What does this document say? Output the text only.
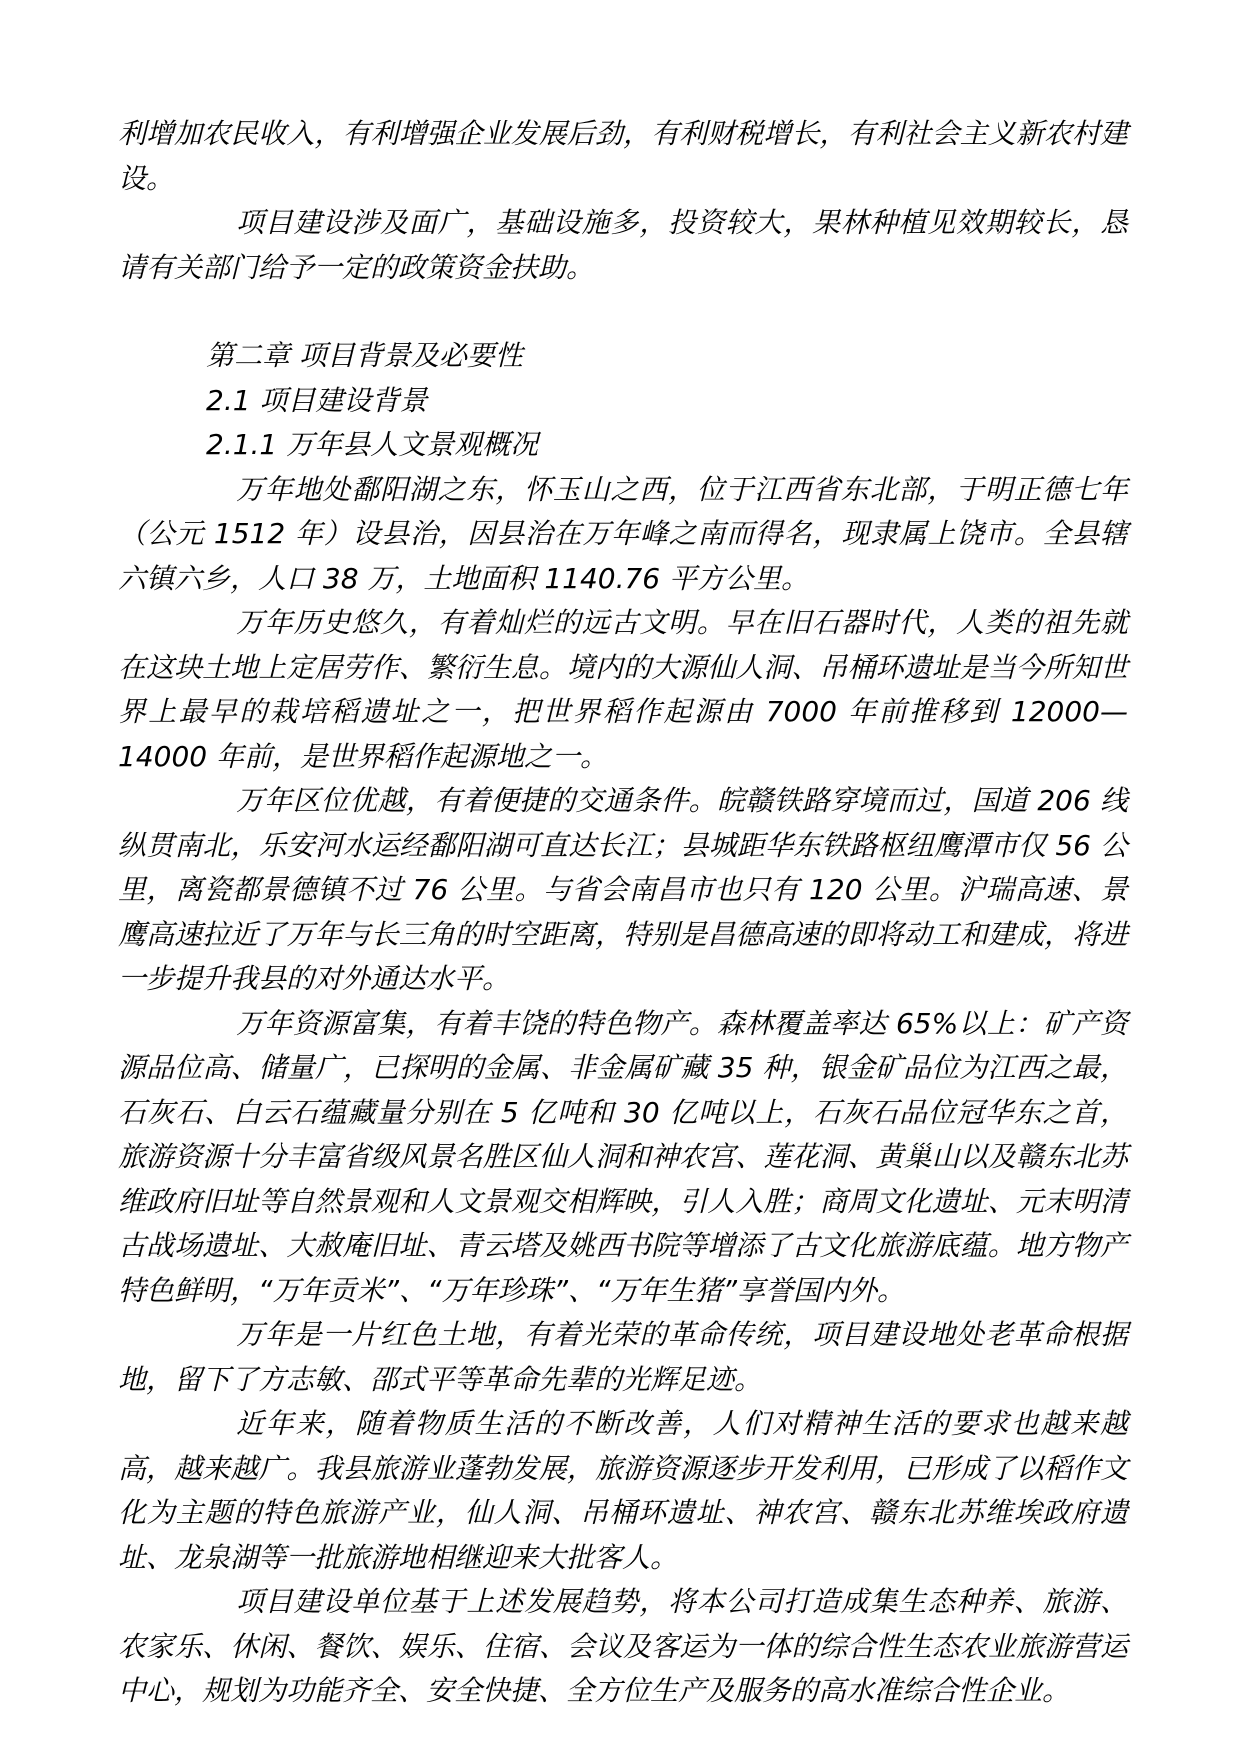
利增加农民收入，有利增强企业发展后劲，有利财税增长，有利社会主义新农村建设。

项目建设涉及面广，基础设施多，投资较大，果林种植见效期较长，恳请有关部门给予一定的政策资金扶助。

第二章 项目背景及必要性

2.1 项目建设背景

2.1.1 万年县人文景观概况

万年地处鄱阳湖之东，怀玉山之西，位于江西省东北部，于明正德七年（公元 1512 年）设县治，因县治在万年峰之南而得名，现隶属上饶市。全县辖六镇六乡，人口 38 万，土地面积 1140.76 平方公里。

万年历史悠久，有着灿烂的远古文明。早在旧石器时代，人类的祖先就在这块土地上定居劳作、繁衍生息。境内的大源仙人洞、吊桶环遗址是当今所知世界上最早的栽培稻遗址之一，把世界稻作起源由 7000 年前推移到 12000—14000 年前，是世界稻作起源地之一。

万年区位优越，有着便捷的交通条件。皖赣铁路穿境而过，国道 206 线纵贯南北，乐安河水运经鄱阳湖可直达长江；县城距华东铁路枢纽鹰潭市仅 56 公里，离瓷都景德镇不过 76 公里。与省会南昌市也只有 120 公里。沪瑞高速、景鹰高速拉近了万年与长三角的时空距离，特别是昌德高速的即将动工和建成，将进一步提升我县的对外通达水平。

万年资源富集，有着丰饶的特色物产。森林覆盖率达 65%以上：矿产资源品位高、储量广，已探明的金属、非金属矿藏 35 种，银金矿品位为江西之最，石灰石、白云石蕴藏量分别在 5 亿吨和 30 亿吨以上，石灰石品位冠华东之首，旅游资源十分丰富省级风景名胜区仙人洞和神农宫、莲花洞、黄巢山以及赣东北苏维政府旧址等自然景观和人文景观交相辉映，引人入胜；商周文化遗址、元末明清古战场遗址、大赦庵旧址、青云塔及姚西书院等增添了古文化旅游底蕴。地方物产特色鲜明，“万年贡米”、“万年珍珠”、“万年生猪”享誉国内外。

万年是一片红色土地，有着光荣的革命传统，项目建设地处老革命根据地，留下了方志敏、邵式平等革命先辈的光辉足迹。

近年来，随着物质生活的不断改善，人们对精神生活的要求也越来越高，越来越广。我县旅游业蓬勃发展，旅游资源逐步开发利用，已形成了以稻作文化为主题的特色旅游产业，仙人洞、吊桶环遗址、神农宫、赣东北苏维埃政府遗址、龙泉湖等一批旅游地相继迎来大批客人。

项目建设单位基于上述发展趋势，将本公司打造成集生态种养、旅游、农家乐、休闲、餐饮、娱乐、住宿、会议及客运为一体的综合性生态农业旅游营运中心，规划为功能齐全、安全快捷、全方位生产及服务的高水准综合性企业。
